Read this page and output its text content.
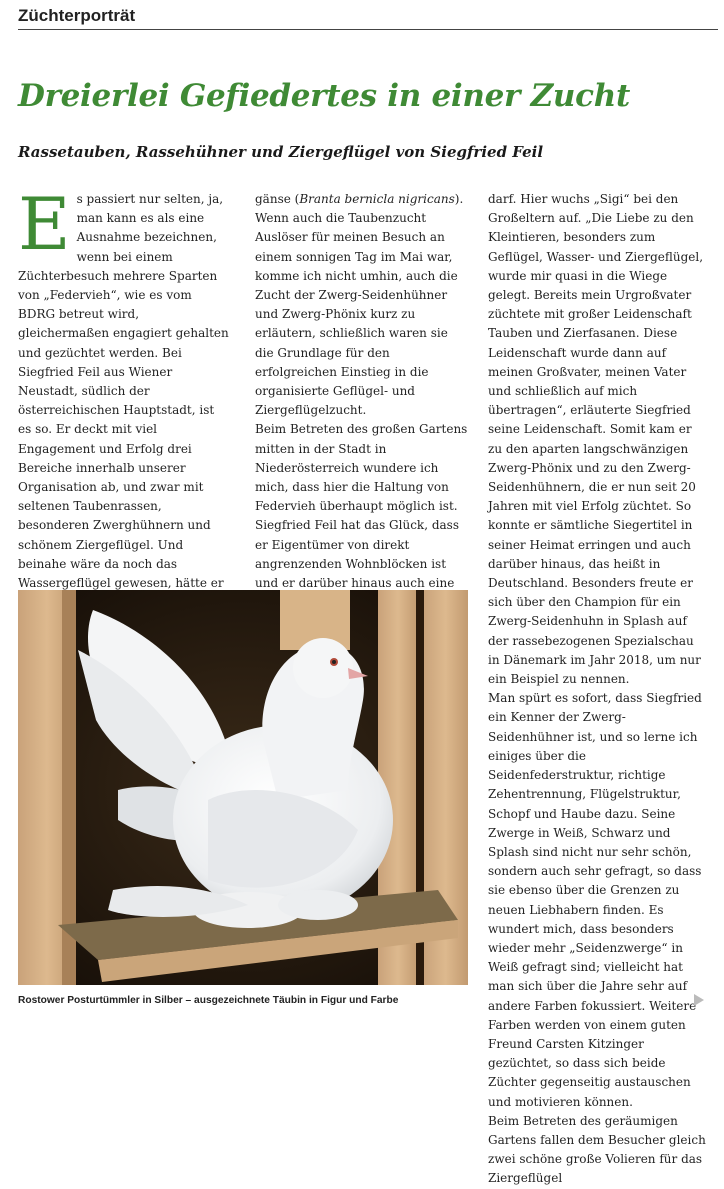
Züchterporträt
Dreierlei Gefiedertes in einer Zucht
Rassetauben, Rassehühner und Ziergeflügel von Siegfried Feil
E s passiert nur selten, ja, man kann es als eine Ausnahme bezeichnen, wenn bei einem Züchterbesuch mehrere Sparten von „Federvieh“, wie es vom BDRG betreut wird, gleichermaßen engagiert gehalten und gezüchtet werden. Bei Siegfried Feil aus Wiener Neustadt, südlich der österreichischen Hauptstadt, ist es so. Er deckt mit viel Engagement und Erfolg drei Bereiche innerhalb unserer Organisation ab, und zwar mit seltenen Taubenrassen, besonderen Zwerghühnern und schönem Ziergeflügel. Und beinahe wäre da noch das Wassergeflügel gewesen, hätte er

gänse (Branta bernicla nigricans). Wenn auch die Taubenzucht Auslöser für meinen Besuch an einem sonnigen Tag im Mai war, komme ich nicht umhin, auch die Zucht der Zwerg-Seidenhühner und Zwerg-Phönix kurz zu erläutern, schließlich waren sie die Grundlage für den erfolgreichen Einstieg in die organisierte Geflügel- und Ziergeflügelzucht.

Beim Betreten des großen Gartens mitten in der Stadt in Niederösterreich wundere ich mich, dass hier die Haltung von Federvieh überhaupt möglich ist. Siegfried Feil hat das Glück, dass er Eigentümer von direkt angrenzenden Wohnblöcken ist und er darüber hinaus auch eine

darf. Hier wuchs „Sigi“ bei den Großeltern auf. „Die Liebe zu den Kleintieren, besonders zum Geflügel, Wasser- und Ziergeflügel, wurde mir quasi in die Wiege gelegt. Bereits mein Urgroßvater züchtete mit großer Leidenschaft Tauben und Zierfasanen. Diese Leidenschaft wurde dann auf meinen Großvater, meinen Vater und schließlich auf mich übertragen“, erläuterte Siegfried seine Leidenschaft. Somit kam er zu den aparten langschwänzigen Zwerg-Phönix und zu den Zwerg-Seidenhühnern, die er nun seit 20 Jahren mit viel Erfolg züchtet. So konnte er sämtliche Siegertitel in seiner Heimat erringen und auch darüber hinaus, das heißt in Deutschland. Besonders freute er sich über den Champion für ein Zwerg-Seidenhuhn in Splash auf der rassebezogenen Spezialschau in Dänemark im Jahr 2018, um nur ein Beispiel zu nennen.

Man spürt es sofort, dass Siegfried ein Kenner der Zwerg-Seidenhühner ist, und so lerne ich einiges über die Seidenfederstruktur, richtige Zehentrennung, Flügelstruktur, Schopf und Haube dazu. Seine Zwerge in Weiß, Schwarz und Splash sind nicht nur sehr schön, sondern auch sehr gefragt, so dass sie ebenso über die Grenzen zu neuen Liebhabern finden. Es wundert mich, dass besonders wieder mehr „Seidenzwerge“ in Weiß gefragt sind; vielleicht hat man sich über die Jahre sehr auf andere Farben fokussiert. Weitere Farben werden von einem guten Freund Carsten Kitzinger gezüchtet, so dass sich beide Züchter gegenseitig austauschen und motivieren können.

Beim Betreten des geräumigen Gartens fallen dem Besucher gleich zwei schöne große Volieren für das Ziergeflügel

Rostower Posturtümmler in Silber – ausgezeichnete Täubin in Figur und Farbe
